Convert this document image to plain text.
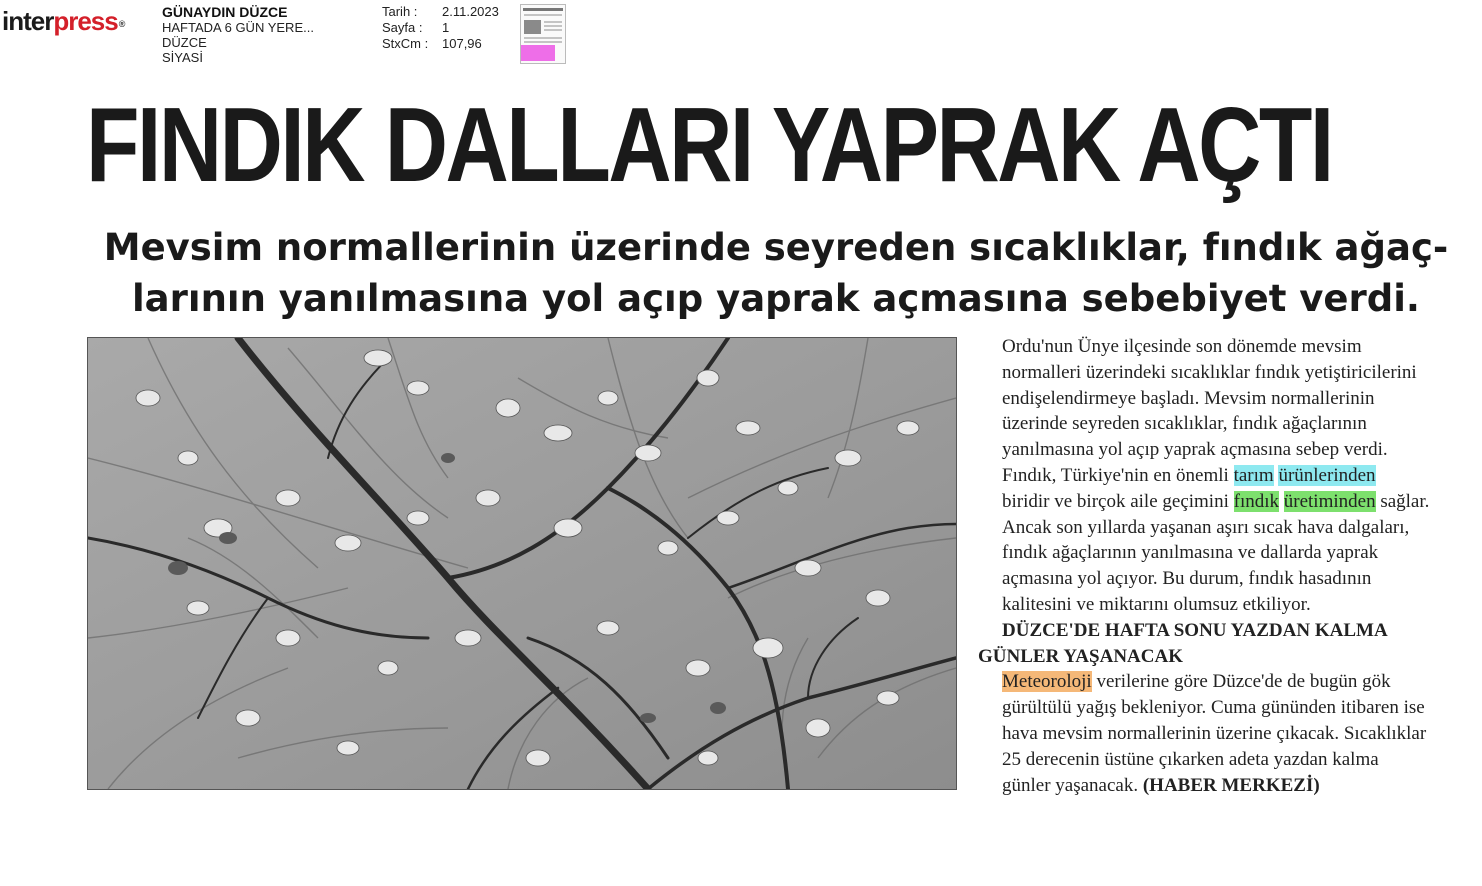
interpress®
GÜNAYDIN DÜZCE
HAFTADA 6 GÜN YERE...
DÜZCE
SİYASİ
Tarih :	2.11.2023
Sayfa :	1
StxCm :	107,96
FINDIK DALLARI YAPRAK AÇTI
Mevsim normallerinin üzerinde seyreden sıcaklıklar, fındık ağaç-
larının yanılmasına yol açıp yaprak açmasına sebebiyet verdi.

Ordu'nun Ünye ilçesinde son dönemde mevsim
normalleri üzerindeki sıcaklıklar fındık yetiştiricilerini
endişelendirmeye başladı. Mevsim normallerinin
üzerinde seyreden sıcaklıklar, fındık ağaçlarının
yanılmasına yol açıp yaprak açmasına sebep verdi.

Fındık, Türkiye'nin en önemli tarım ürünlerinden
biridir ve birçok aile geçimini fındık üretiminden sağlar.
Ancak son yıllarda yaşanan aşırı sıcak hava dalgaları,
fındık ağaçlarının yanılmasına ve dallarda yaprak
açmasına yol açıyor. Bu durum, fındık hasadının
kalitesini ve miktarını olumsuz etkiliyor.

DÜZCE'DE HAFTA SONU YAZDAN KALMA
GÜNLER YAŞANACAK

Meteoroloji verilerine göre Düzce'de de bugün gök
gürültülü yağış bekleniyor. Cuma gününden itibaren ise
hava mevsim normallerinin üzerine çıkacak. Sıcaklıklar
25 derecenin üstüne çıkarken adeta yazdan kalma
günler yaşanacak. (HABER MERKEZİ)
